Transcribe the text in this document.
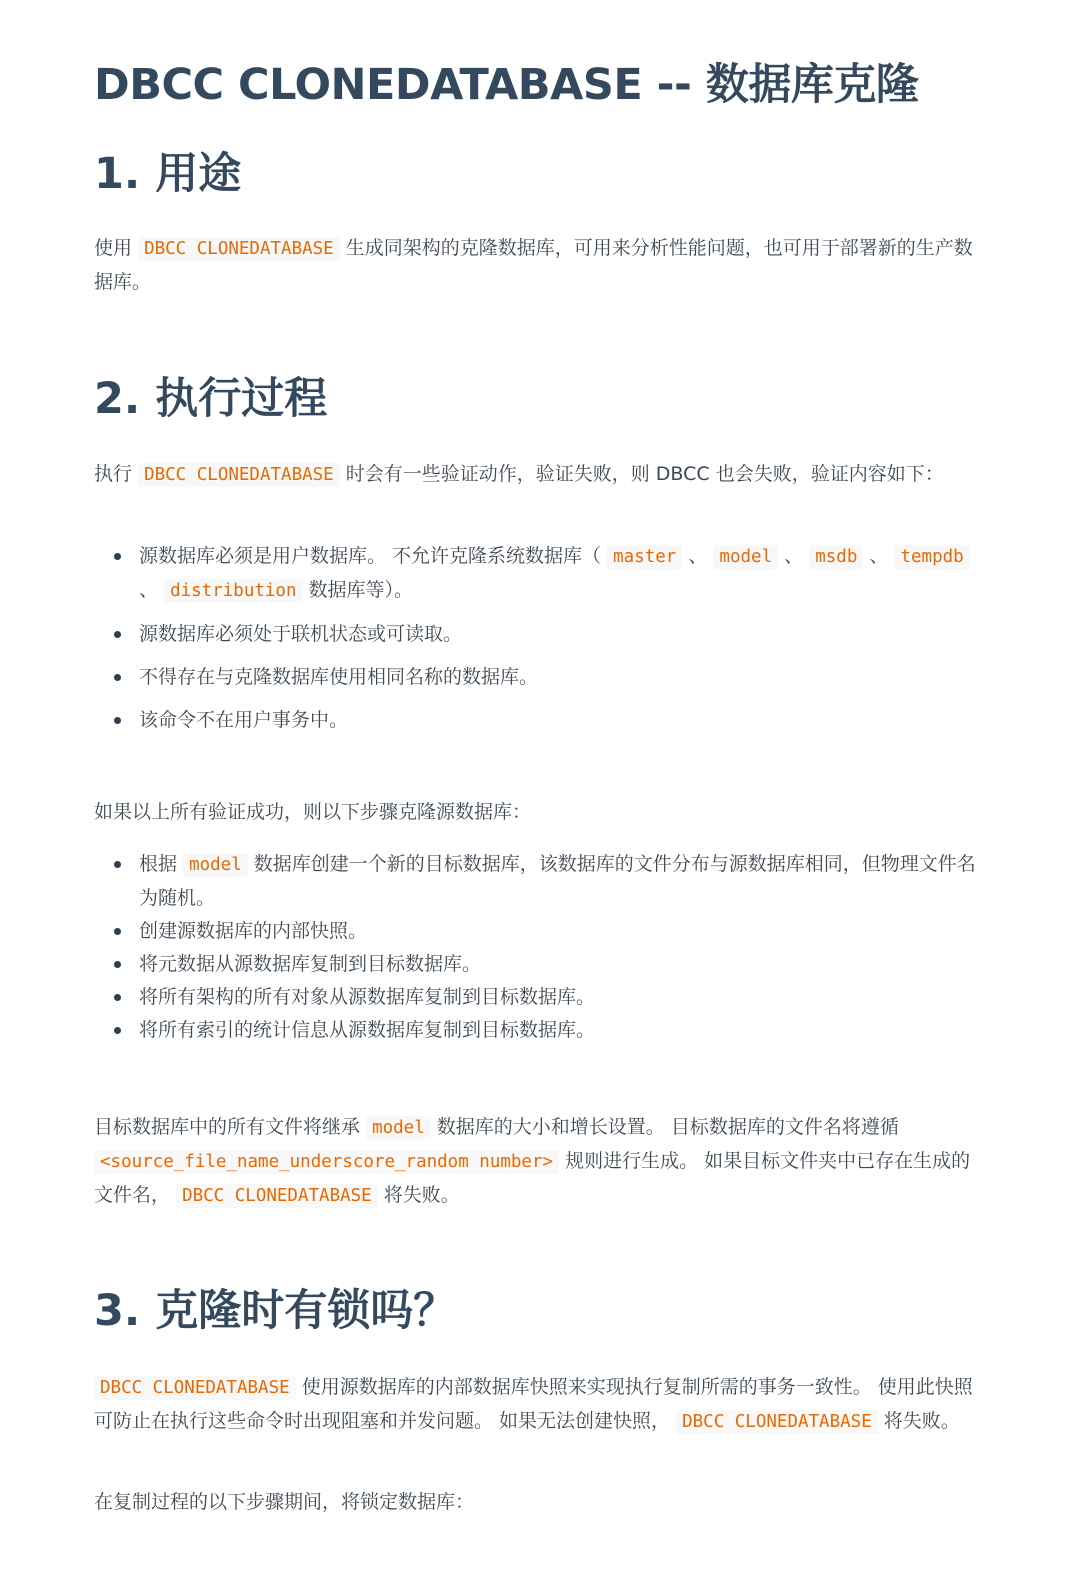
DBCC CLONEDATABASE -- 数据库克隆
1. 用途

使用 DBCC CLONEDATABASE 生成同架构的克隆数据库，可用来分析性能问题，也可用于部署新的生产数据库。

2. 执行过程

执行 DBCC CLONEDATABASE 时会有一些验证动作，验证失败，则 DBCC 也会失败，验证内容如下：

源数据库必须是用户数据库。 不允许克隆系统数据库（ master 、 model 、 msdb 、 tempdb 、 distribution 数据库等）。
源数据库必须处于联机状态或可读取。
不得存在与克隆数据库使用相同名称的数据库。
该命令不在用户事务中。

如果以上所有验证成功，则以下步骤克隆源数据库：

根据 model 数据库创建一个新的目标数据库，该数据库的文件分布与源数据库相同，但物理文件名为随机。
创建源数据库的内部快照。
将元数据从源数据库复制到目标数据库。
将所有架构的所有对象从源数据库复制到目标数据库。
将所有索引的统计信息从源数据库复制到目标数据库。

目标数据库中的所有文件将继承 model 数据库的大小和增长设置。 目标数据库的文件名将遵循 <source_file_name_underscore_random number> 规则进行生成。 如果目标文件夹中已存在生成的文件名， DBCC CLONEDATABASE 将失败。

3. 克隆时有锁吗？

DBCC CLONEDATABASE 使用源数据库的内部数据库快照来实现执行复制所需的事务一致性。 使用此快照可防止在执行这些命令时出现阻塞和并发问题。 如果无法创建快照， DBCC CLONEDATABASE 将失败。

在复制过程的以下步骤期间，将锁定数据库：
